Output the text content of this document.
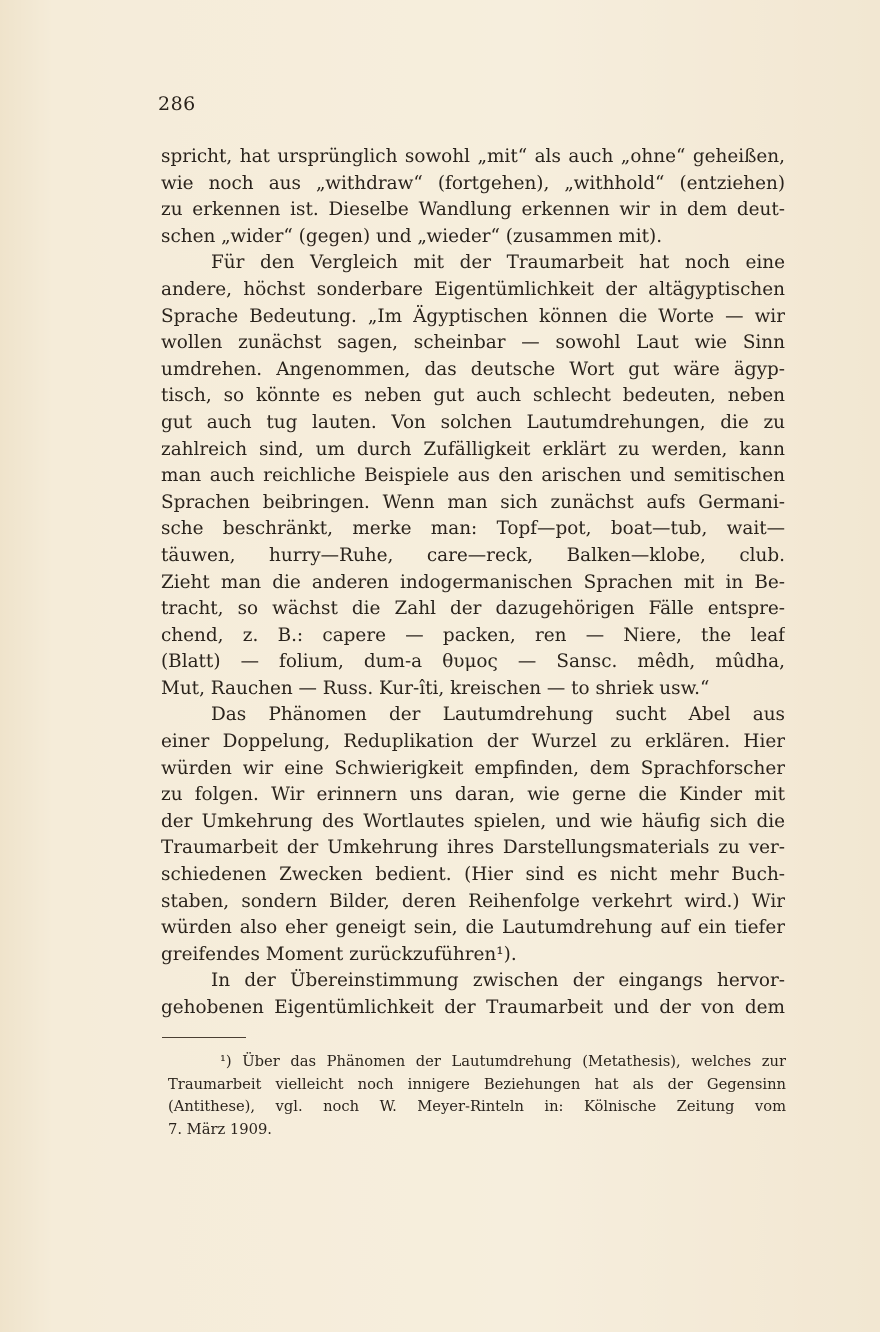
286
spricht, hat ursprünglich sowohl „mit“ als auch „ohne“ geheißen,
wie noch aus „withdraw“ (fortgehen), „withhold“ (entziehen)
zu erkennen ist. Dieselbe Wandlung erkennen wir in dem deut-
schen „wider“ (gegen) und „wieder“ (zusammen mit).
Für den Vergleich mit der Traumarbeit hat noch eine
andere, höchst sonderbare Eigentümlichkeit der altägyptischen
Sprache Bedeutung. „Im Ägyptischen können die Worte — wir
wollen zunächst sagen, scheinbar — sowohl Laut wie Sinn
umdrehen. Angenommen, das deutsche Wort gut wäre ägyp-
tisch, so könnte es neben gut auch schlecht bedeuten, neben
gut auch tug lauten. Von solchen Lautumdrehungen, die zu
zahlreich sind, um durch Zufälligkeit erklärt zu werden, kann
man auch reichliche Beispiele aus den arischen und semitischen
Sprachen beibringen. Wenn man sich zunächst aufs Germani-
sche beschränkt, merke man: Topf—pot, boat—tub, wait—
täuwen, hurry—Ruhe, care—reck, Balken—klobe, club.
Zieht man die anderen indogermanischen Sprachen mit in Be-
tracht, so wächst die Zahl der dazugehörigen Fälle entspre-
chend, z. B.: capere — packen, ren — Niere, the leaf
(Blatt) — folium, dum-a θυμος — Sansc. mêdh, mûdha,
Mut, Rauchen — Russ. Kur-îti, kreischen — to shriek usw.“
Das Phänomen der Lautumdrehung sucht Abel aus
einer Doppelung, Reduplikation der Wurzel zu erklären. Hier
würden wir eine Schwierigkeit empfinden, dem Sprachforscher
zu folgen. Wir erinnern uns daran, wie gerne die Kinder mit
der Umkehrung des Wortlautes spielen, und wie häufig sich die
Traumarbeit der Umkehrung ihres Darstellungsmaterials zu ver-
schiedenen Zwecken bedient. (Hier sind es nicht mehr Buch-
staben, sondern Bilder, deren Reihenfolge verkehrt wird.) Wir
würden also eher geneigt sein, die Lautumdrehung auf ein tiefer
greifendes Moment zurückzuführen¹).
In der Übereinstimmung zwischen der eingangs hervor-
gehobenen Eigentümlichkeit der Traumarbeit und der von dem
¹) Über das Phänomen der Lautumdrehung (Metathesis), welches zur
Traumarbeit vielleicht noch innigere Beziehungen hat als der Gegensinn
(Antithese), vgl. noch W. Meyer-Rinteln in: Kölnische Zeitung vom
7. März 1909.
